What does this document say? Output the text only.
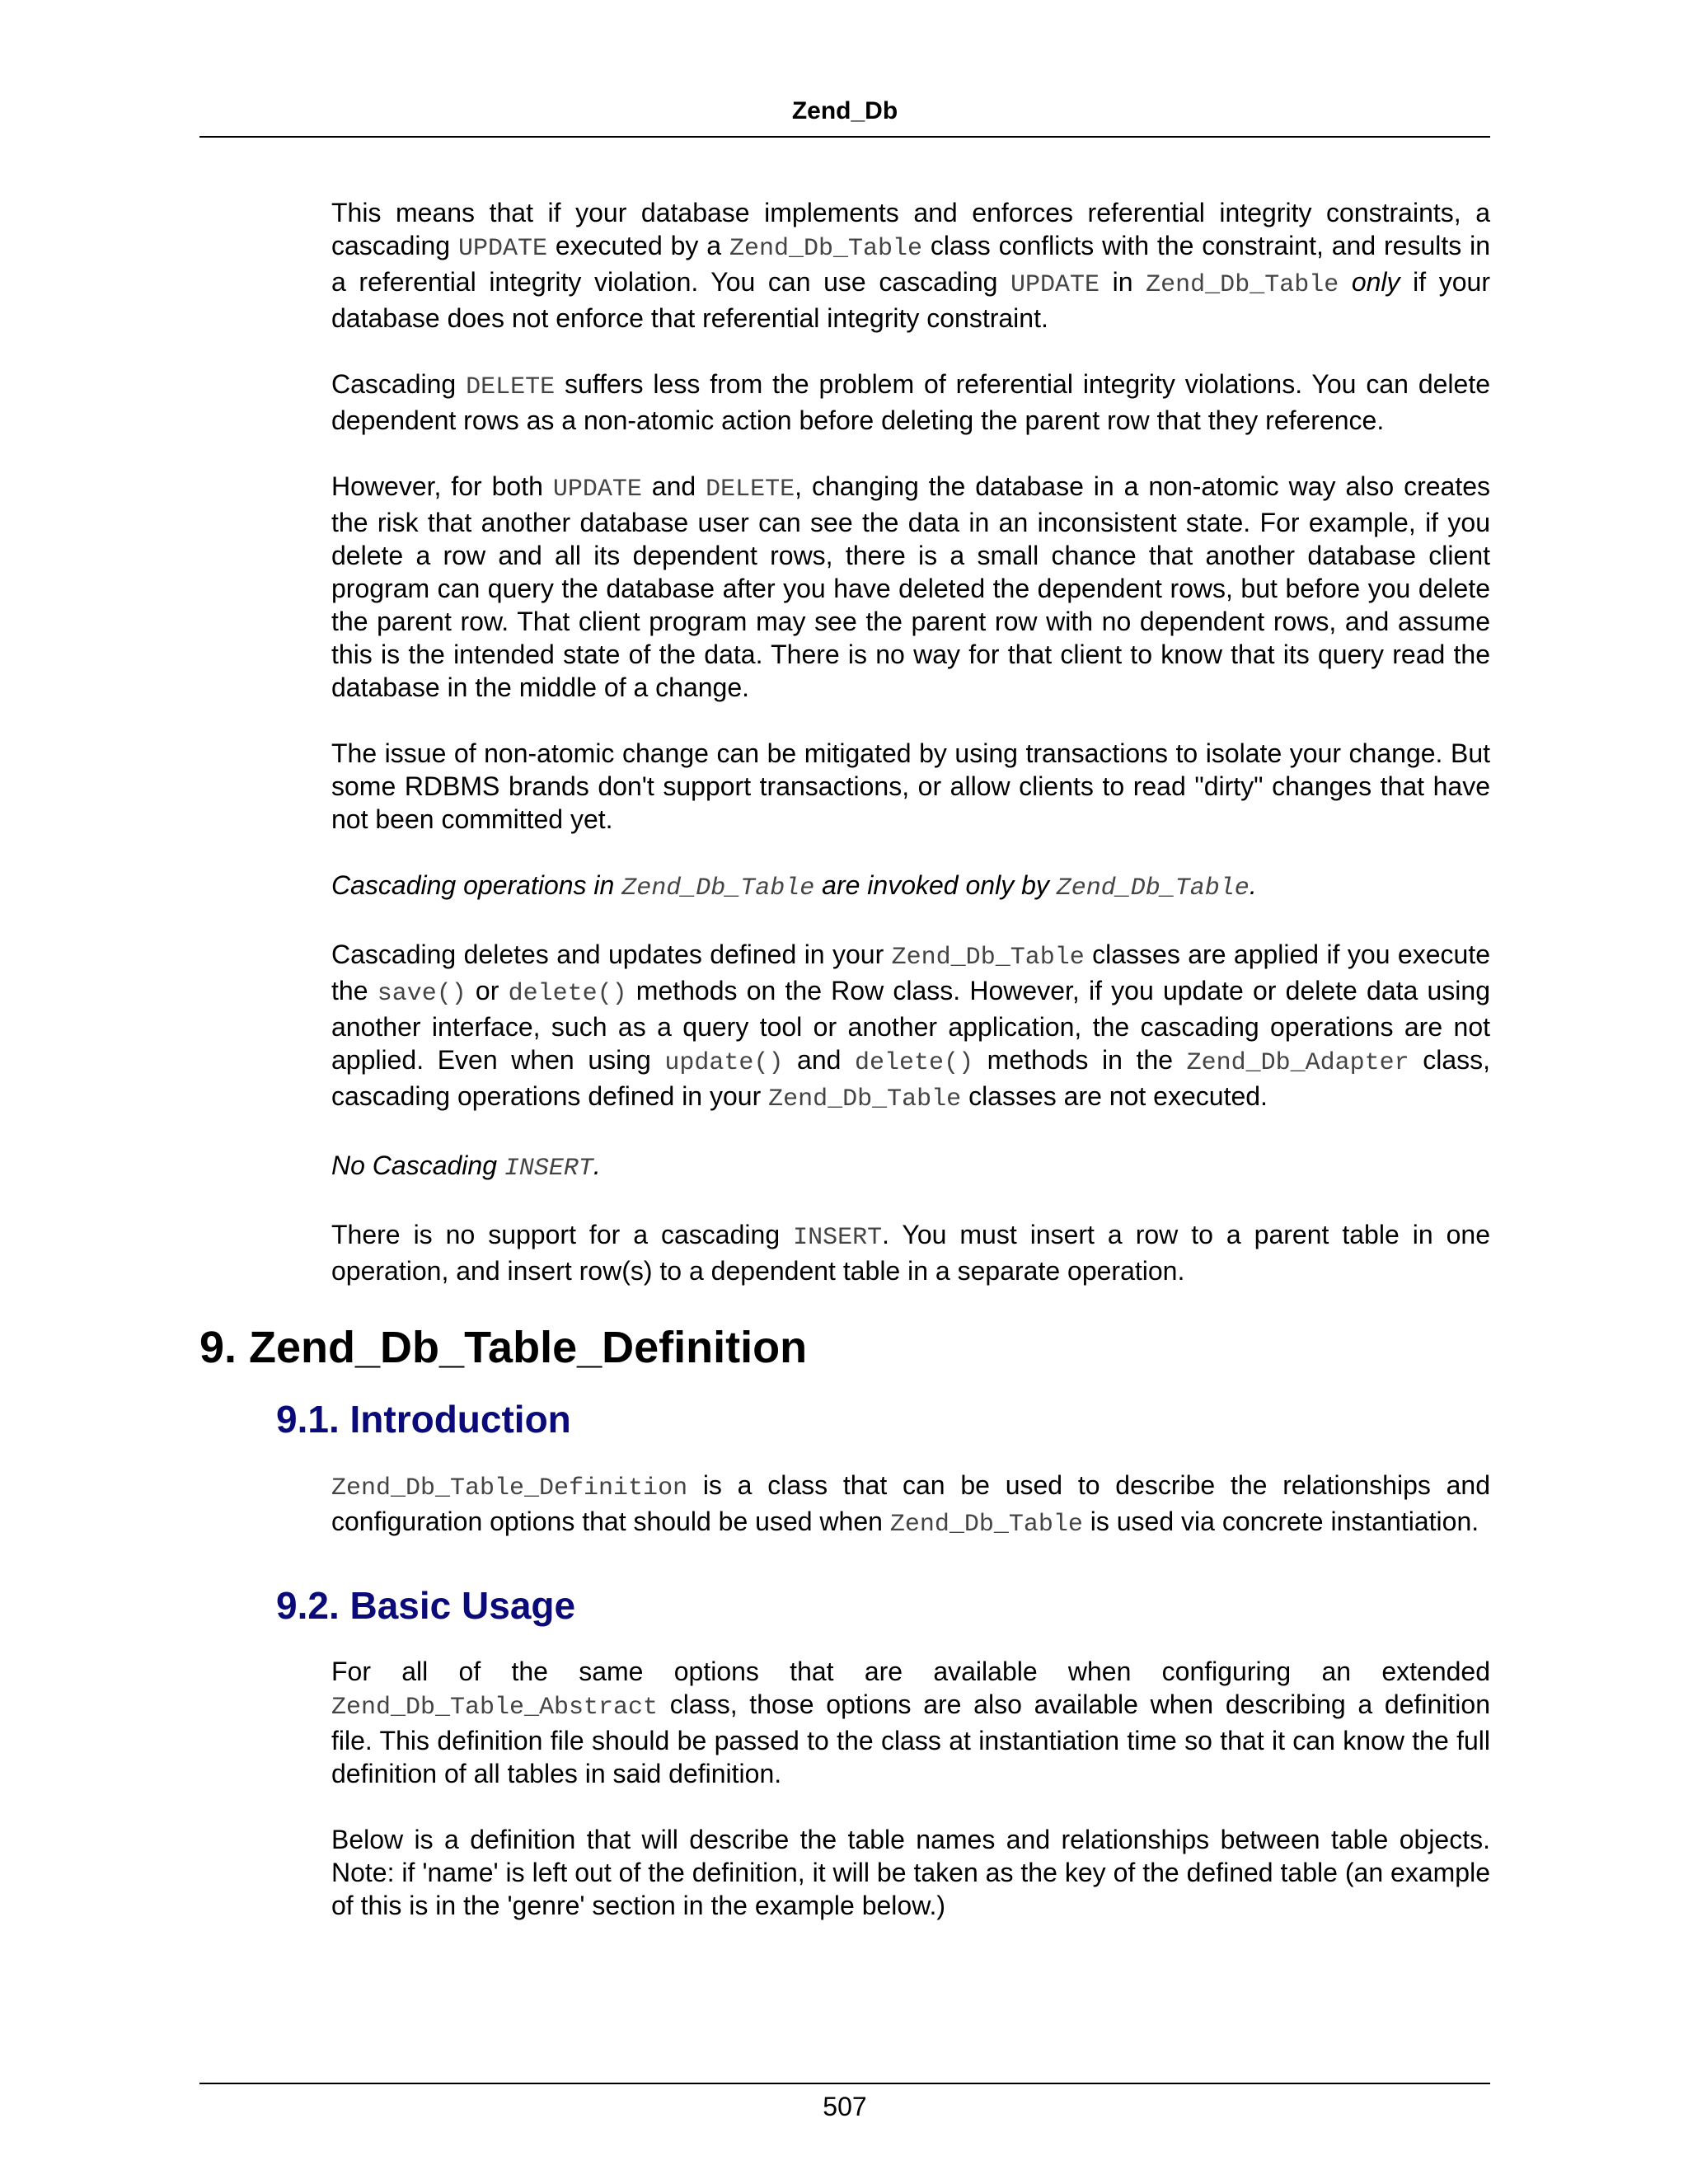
Zend_Db

This means that if your database implements and enforces referential integrity constraints, a cascading UPDATE executed by a Zend_Db_Table class conflicts with the constraint, and results in a referential integrity violation. You can use cascading UPDATE in Zend_Db_Table only if your database does not enforce that referential integrity constraint.

Cascading DELETE suffers less from the problem of referential integrity violations. You can delete dependent rows as a non-atomic action before deleting the parent row that they reference.

However, for both UPDATE and DELETE, changing the database in a non-atomic way also creates the risk that another database user can see the data in an inconsistent state. For example, if you delete a row and all its dependent rows, there is a small chance that another database client program can query the database after you have deleted the dependent rows, but before you delete the parent row. That client program may see the parent row with no dependent rows, and assume this is the intended state of the data. There is no way for that client to know that its query read the database in the middle of a change.

The issue of non-atomic change can be mitigated by using transactions to isolate your change. But some RDBMS brands don't support transactions, or allow clients to read "dirty" changes that have not been committed yet.

Cascading operations in Zend_Db_Table are invoked only by Zend_Db_Table.

Cascading deletes and updates defined in your Zend_Db_Table classes are applied if you execute the save() or delete() methods on the Row class. However, if you update or delete data using another interface, such as a query tool or another application, the cascading operations are not applied. Even when using update() and delete() methods in the Zend_Db_Adapter class, cascading operations defined in your Zend_Db_Table classes are not executed.

No Cascading INSERT.

There is no support for a cascading INSERT. You must insert a row to a parent table in one operation, and insert row(s) to a dependent table in a separate operation.

9. Zend_Db_Table_Definition
9.1. Introduction

Zend_Db_Table_Definition is a class that can be used to describe the relationships and configuration options that should be used when Zend_Db_Table is used via concrete instantiation.

9.2. Basic Usage

For all of the same options that are available when configuring an extended Zend_Db_Table_Abstract class, those options are also available when describing a definition file. This definition file should be passed to the class at instantiation time so that it can know the full definition of all tables in said definition.

Below is a definition that will describe the table names and relationships between table objects. Note: if 'name' is left out of the definition, it will be taken as the key of the defined table (an example of this is in the 'genre' section in the example below.)

507
